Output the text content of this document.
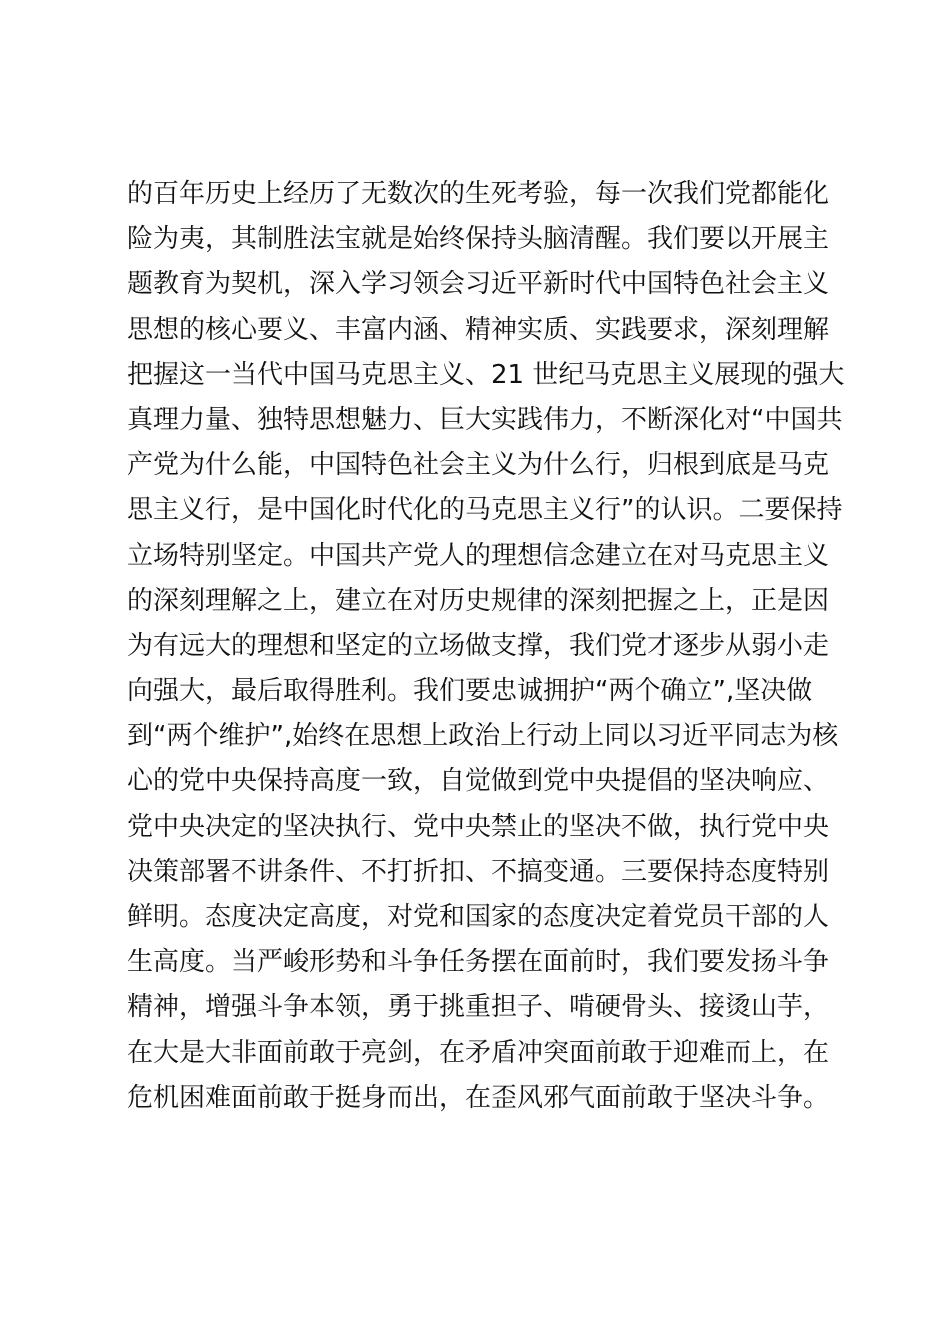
的百年历史上经历了无数次的生死考验，每一次我们党都能化
险为夷，其制胜法宝就是始终保持头脑清醒。我们要以开展主
题教育为契机，深入学习领会习近平新时代中国特色社会主义
思想的核心要义、丰富内涵、精神实质、实践要求，深刻理解
把握这一当代中国马克思主义、21 世纪马克思主义展现的强大
真理力量、独特思想魅力、巨大实践伟力，不断深化对“中国共
产党为什么能，中国特色社会主义为什么行，归根到底是马克
思主义行，是中国化时代化的马克思主义行”的认识。二要保持
立场特别坚定。中国共产党人的理想信念建立在对马克思主义
的深刻理解之上，建立在对历史规律的深刻把握之上，正是因
为有远大的理想和坚定的立场做支撑，我们党才逐步从弱小走
向强大，最后取得胜利。我们要忠诚拥护“两个确立”,坚决做
到“两个维护”,始终在思想上政治上行动上同以习近平同志为核
心的党中央保持高度一致，自觉做到党中央提倡的坚决响应、
党中央决定的坚决执行、党中央禁止的坚决不做，执行党中央
决策部署不讲条件、不打折扣、不搞变通。三要保持态度特别
鲜明。态度决定高度，对党和国家的态度决定着党员干部的人
生高度。当严峻形势和斗争任务摆在面前时，我们要发扬斗争
精神，增强斗争本领，勇于挑重担子、啃硬骨头、接烫山芋，
在大是大非面前敢于亮剑，在矛盾冲突面前敢于迎难而上，在
危机困难面前敢于挺身而出，在歪风邪气面前敢于坚决斗争。
